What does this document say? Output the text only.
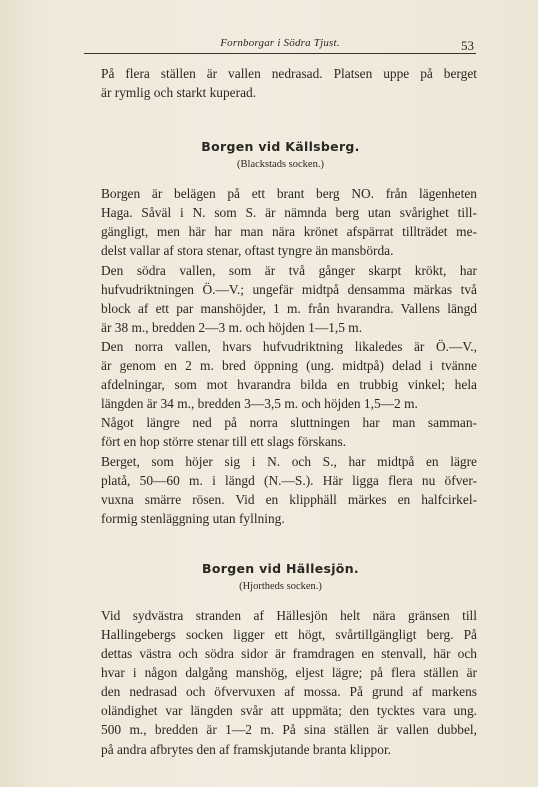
Fornborgar i Södra Tjust.	53

På flera ställen är vallen nedrasad. Platsen uppe på berget
är rymlig och starkt kuperad.

Borgen vid Källsberg.
(Blackstads socken.)

Borgen är belägen på ett brant berg NO. från lägenheten
Haga. Såväl i N. som S. är nämnda berg utan svårighet till-
gängligt, men här har man nära krönet afspärrat tillträdet me-
delst vallar af stora stenar, oftast tyngre än mansbörda.

Den södra vallen, som är två gånger skarpt krökt, har
hufvudriktningen Ö.—V.; ungefär midtpå densamma märkas två
block af ett par manshöjder, 1 m. från hvarandra. Vallens längd
är 38 m., bredden 2—3 m. och höjden 1—1,5 m.

Den norra vallen, hvars hufvudriktning likaledes är Ö.—V.,
är genom en 2 m. bred öppning (ung. midtpå) delad i tvänne
afdelningar, som mot hvarandra bilda en trubbig vinkel; hela
längden är 34 m., bredden 3—3,5 m. och höjden 1,5—2 m.

Något längre ned på norra sluttningen har man samman-
fört en hop större stenar till ett slags förskans.

Berget, som höjer sig i N. och S., har midtpå en lägre
platå, 50—60 m. i längd (N.—S.). Här ligga flera nu öfver-
vuxna smärre rösen. Vid en klipphäll märkes en halfcirkel-
formig stenläggning utan fyllning.

Borgen vid Hällesjön.
(Hjortheds socken.)

Vid sydvästra stranden af Hällesjön helt nära gränsen till
Hallingebergs socken ligger ett högt, svårtillgängligt berg. På
dettas västra och södra sidor är framdragen en stenvall, här och
hvar i någon dalgång manshög, eljest lägre; på flera ställen är
den nedrasad och öfvervuxen af mossa. På grund af markens
oländighet var längden svår att uppmäta; den tycktes vara ung.
500 m., bredden är 1—2 m. På sina ställen är vallen dubbel,
på andra afbrytes den af framskjutande branta klippor.
